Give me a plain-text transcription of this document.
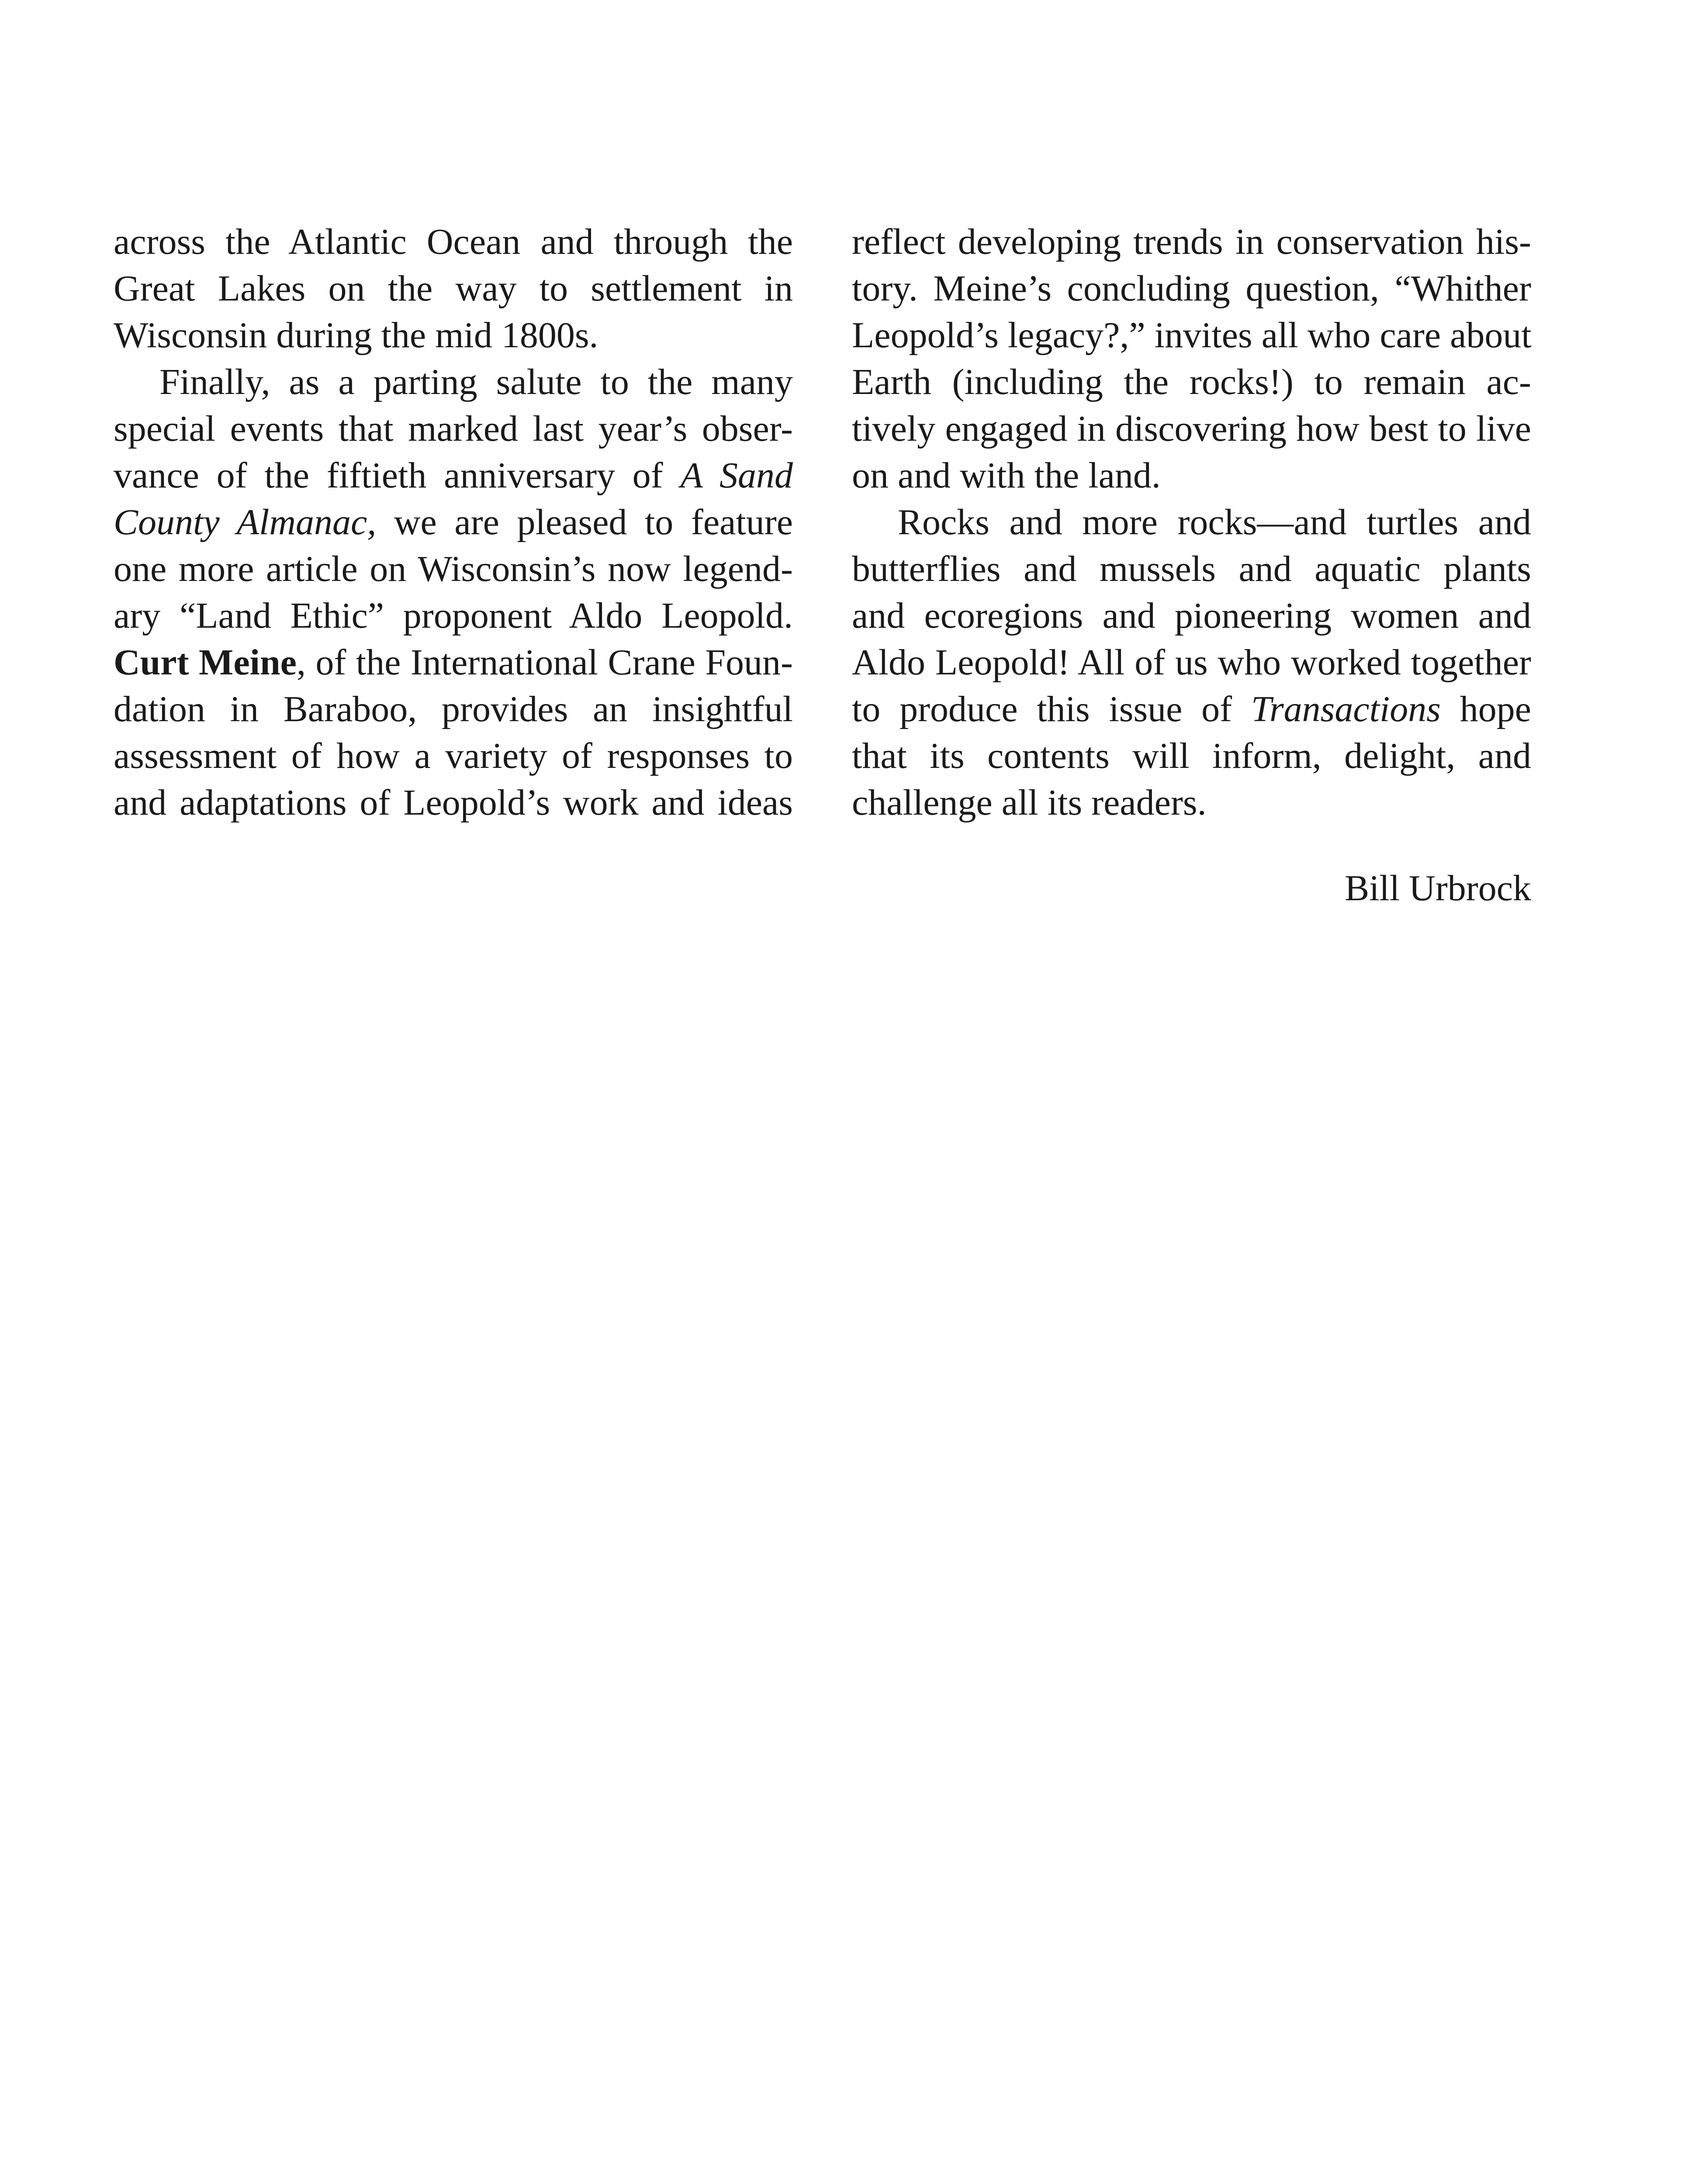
across the Atlantic Ocean and through the
Great Lakes on the way to settlement in
Wisconsin during the mid 1800s.
Finally, as a parting salute to the many
special events that marked last year’s obser-
vance of the fiftieth anniversary of A Sand
County Almanac, we are pleased to feature
one more article on Wisconsin’s now legend-
ary “Land Ethic” proponent Aldo Leopold.
Curt Meine, of the International Crane Foun-
dation in Baraboo, provides an insightful
assessment of how a variety of responses to
and adaptations of Leopold’s work and ideas
reflect developing trends in conservation his-
tory. Meine’s concluding question, “Whither
Leopold’s legacy?,” invites all who care about
Earth (including the rocks!) to remain ac-
tively engaged in discovering how best to live
on and with the land.
Rocks and more rocks—and turtles and
butterflies and mussels and aquatic plants
and ecoregions and pioneering women and
Aldo Leopold! All of us who worked together
to produce this issue of Transactions hope
that its contents will inform, delight, and
challenge all its readers.
Bill Urbrock
